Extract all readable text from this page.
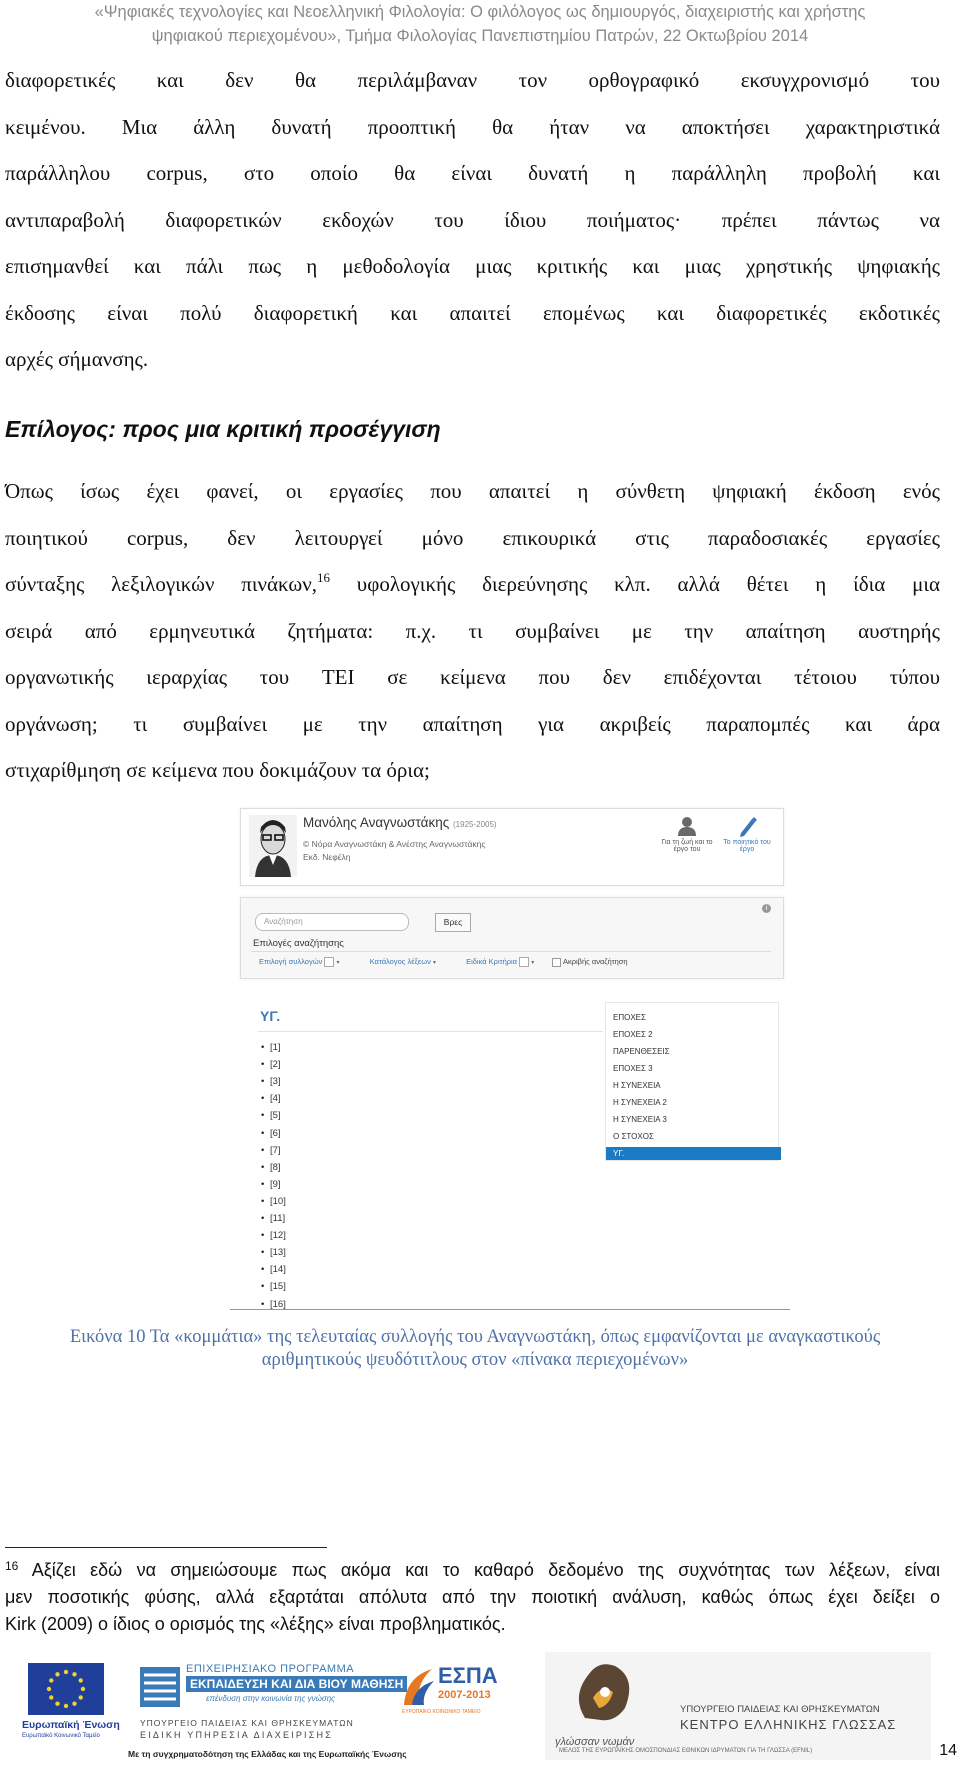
«Ψηφιακές τεχνολογίες και Νεοελληνική Φιλολογία: Ο φιλόλογος ως δημιουργός, διαχειριστής και χρήστης
ψηφιακού περιεχομένου», Τμήμα Φιλολογίας Πανεπιστημίου Πατρών, 22 Οκτωβρίου 2014
διαφορετικές και δεν θα περιλάμβαναν τον ορθογραφικό εκσυγχρονισμό του
κειμένου. Μια άλλη δυνατή προοπτική θα ήταν να αποκτήσει χαρακτηριστικά
παράλληλου corpus, στο οποίο θα είναι δυνατή η παράλληλη προβολή και
αντιπαραβολή διαφορετικών εκδοχών του ίδιου ποιήματος· πρέπει πάντως να
επισημανθεί και πάλι πως η μεθοδολογία μιας κριτικής και μιας χρηστικής ψηφιακής
έκδοσης είναι πολύ διαφορετική και απαιτεί επομένως και διαφορετικές εκδοτικές
αρχές σήμανσης.
Επίλογος: προς μια κριτική προσέγγιση
Όπως ίσως έχει φανεί, οι εργασίες που απαιτεί η σύνθετη ψηφιακή έκδοση ενός
ποιητικού corpus, δεν λειτουργεί μόνο επικουρικά στις παραδοσιακές εργασίες
σύνταξης λεξιλογικών πινάκων,$^{16}$ υφολογικής διερεύνησης κλπ. αλλά θέτει η ίδια μια
σειρά από ερμηνευτικά ζητήματα: π.χ. τι συμβαίνει με την απαίτηση αυστηρής
οργανωτικής ιεραρχίας του TEI σε κείμενα που δεν επιδέχονται τέτοιου τύπου
οργάνωση; τι συμβαίνει με την απαίτηση για ακριβείς παραπομπές και άρα
στιχαρίθμηση σε κείμενα που δοκιμάζουν τα όρια;
Μανόλης Αναγνωστάκης (1925-2005)
© Νόρα Αναγνωστάκη & Ανέστης Αναγνωστάκης
Εκδ. Νεφέλη
Για τη ζωή και το
έργο του
Το ποιητικό του
έργο
Αναζήτηση	Βρες
i
Επιλογές αναζήτησης
Επιλογή συλλογών ▾	Κατάλογος λέξεων ▾	Ειδικά Κριτήρια ▾	Ακριβής αναζήτηση
ΥΓ.
• [1]
• [2]
• [3]
• [4]
• [5]
• [6]
• [7]
• [8]
• [9]
• [10]
• [11]
• [12]
• [13]
• [14]
• [15]
• [16]
ΕΠΟΧΕΣ
ΕΠΟΧΕΣ 2
ΠΑΡΕΝΘΕΣΕΙΣ
ΕΠΟΧΕΣ 3
Η ΣΥΝΕΧΕΙΑ
Η ΣΥΝΕΧΕΙΑ 2
Η ΣΥΝΕΧΕΙΑ 3
Ο ΣΤΟΧΟΣ
ΥΓ.
Εικόνα 10 Τα «κομμάτια» της τελευταίας συλλογής του Αναγνωστάκη, όπως εμφανίζονται με αναγκαστικούς
αριθμητικούς ψευδότιτλους στον «πίνακα περιεχομένων»
$^{16}$ Αξίζει εδώ να σημειώσουμε πως ακόμα και το καθαρό δεδομένο της συχνότητας των λέξεων, είναι
μεν ποσοτικής φύσης, αλλά εξαρτάται απόλυτα από την ποιοτική ανάλυση, καθώς όπως έχει δείξει ο
Kirk (2009) ο ίδιος ο ορισμός της «λέξης» είναι προβληματικός.
Ευρωπαϊκή Ένωση
Ευρωπαϊκό Κοινωνικό Ταμείο
ΕΠΙΧΕΙΡΗΣΙΑΚΟ ΠΡΟΓΡΑΜΜΑ
ΕΚΠΑΙΔΕΥΣΗ ΚΑΙ ΔΙΑ ΒΙΟΥ ΜΑΘΗΣΗ
επένδυση στην κοινωνία της γνώσης
ΥΠΟΥΡΓΕΙΟ ΠΑΙΔΕΙΑΣ ΚΑΙ ΘΡΗΣΚΕΥΜΑΤΩΝ
ΕΙΔΙΚΗ ΥΠΗΡΕΣΙΑ ΔΙΑΧΕΙΡΙΣΗΣ
ΕΣΠΑ
2007-2013
ΕΥΡΩΠΑΪΚΟ ΚΟΙΝΩΝΙΚΟ ΤΑΜΕΙΟ
Με τη συγχρηματοδότηση της Ελλάδας και της Ευρωπαϊκής Ένωσης
γλώσσαν νωμάν
ΥΠΟΥΡΓΕΙΟ ΠΑΙΔΕΙΑΣ ΚΑΙ ΘΡΗΣΚΕΥΜΑΤΩΝ
ΚΕΝΤΡΟ ΕΛΛΗΝΙΚΗΣ ΓΛΩΣΣΑΣ
ΜΕΛΟΣ ΤΗΣ ΕΥΡΩΠΑΪΚΗΣ ΟΜΟΣΠΟΝΔΙΑΣ ΕΘΝΙΚΩΝ ΙΔΡΥΜΑΤΩΝ ΓΙΑ ΤΗ ΓΛΩΣΣΑ (EFNIL)	14
